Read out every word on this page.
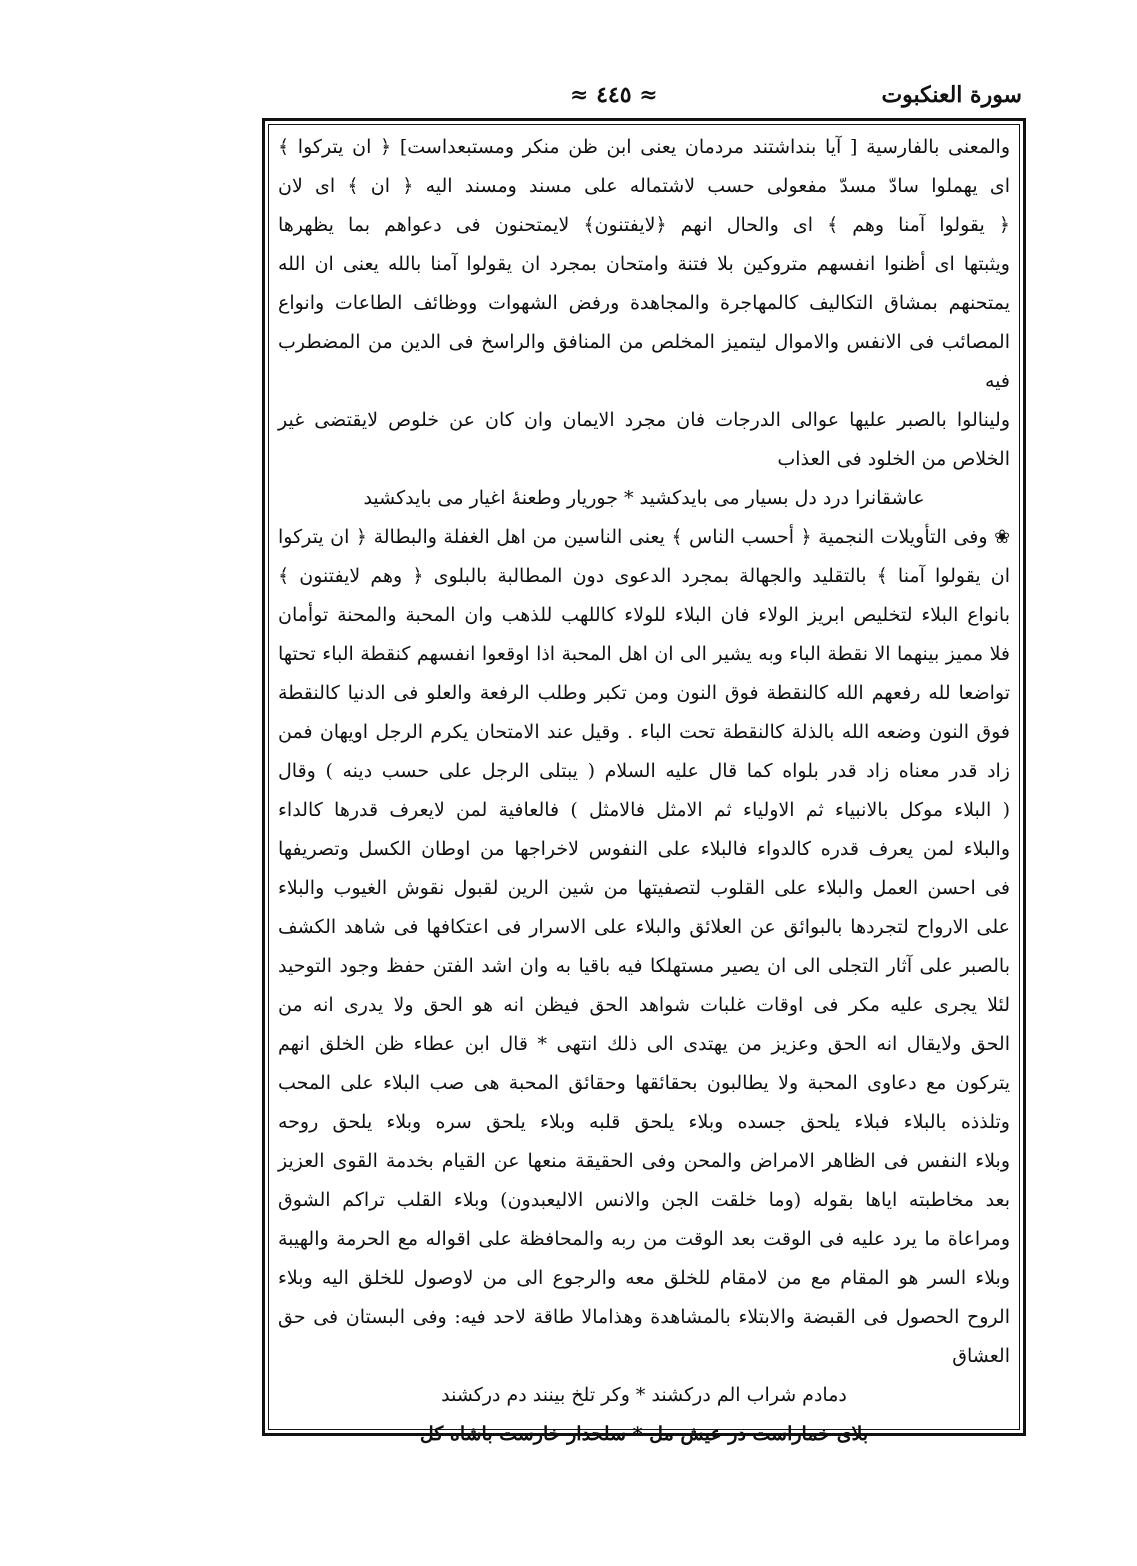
سورة العنكبوت
≈ ٤٤٥ ≈

والمعنى بالفارسية [ آيا بنداشتند مردمان يعنى ابن ظن منكر ومستبعداست] ﴿ ان يتركوا ﴾

اى يهملوا سادّ مسدّ مفعولى حسب لاشتماله على مسند ومسند اليه ﴿ ان ﴾ اى لان

﴿ يقولوا آمنا وهم ﴾ اى والحال انهم ﴿لايفتنون﴾ لايمتحنون فى دعواهم بما يظهرها

ويثبتها اى أظنوا انفسهم متروكين بلا فتنة وامتحان بمجرد ان يقولوا آمنا بالله يعنى ان الله

يمتحنهم بمشاق التكاليف كالمهاجرة والمجاهدة ورفض الشهوات ووظائف الطاعات وانواع

المصائب فى الانفس والاموال ليتميز المخلص من المنافق والراسخ فى الدين من المضطرب فيه

ولينالوا بالصبر عليها عوالى الدرجات فان مجرد الايمان وان كان عن خلوص لايقتضى غير

الخلاص من الخلود فى العذاب

عاشقانرا درد دل بسيار مى بايدكشيد * جوريار وطعنهٔ اغيار مى بايدكشيد

❀ وفى التأويلات النجمية ﴿ أحسب الناس ﴾ يعنى الناسين من اهل الغفلة والبطالة ﴿ ان يتركوا

ان يقولوا آمنا ﴾ بالتقليد والجهالة بمجرد الدعوى دون المطالبة بالبلوى ﴿ وهم لايفتنون ﴾

بانواع البلاء لتخليص ابريز الولاء فان البلاء للولاء كاللهب للذهب وان المحبة والمحنة توأمان

فلا مميز بينهما الا نقطة الباء وبه يشير الى ان اهل المحبة اذا اوقعوا انفسهم كنقطة الباء تحتها

تواضعا لله رفعهم الله كالنقطة فوق النون ومن تكبر وطلب الرفعة والعلو فى الدنيا كالنقطة

فوق النون وضعه الله بالذلة كالنقطة تحت الباء . وقيل عند الامتحان يكرم الرجل اويهان فمن

زاد قدر معناه زاد قدر بلواه كما قال عليه السلام ( يبتلى الرجل على حسب دينه ) وقال

( البلاء موكل بالانبياء ثم الاولياء ثم الامثل فالامثل ) فالعافية لمن لايعرف قدرها كالداء

والبلاء لمن يعرف قدره كالدواء فالبلاء على النفوس لاخراجها من اوطان الكسل وتصريفها

فى احسن العمل والبلاء على القلوب لتصفيتها من شين الرين لقبول نقوش الغيوب والبلاء

على الارواح لتجردها بالبوائق عن العلائق والبلاء على الاسرار فى اعتكافها فى شاهد الكشف

بالصبر على آثار التجلى الى ان يصير مستهلكا فيه باقيا به وان اشد الفتن حفظ وجود التوحيد

لئلا يجرى عليه مكر فى اوقات غلبات شواهد الحق فيظن انه هو الحق ولا يدرى انه من

الحق ولايقال انه الحق وعزيز من يهتدى الى ذلك انتهى * قال ابن عطاء ظن الخلق انهم

يتركون مع دعاوى المحبة ولا يطالبون بحقائقها وحقائق المحبة هى صب البلاء على المحب

وتلذذه بالبلاء فبلاء يلحق جسده وبلاء يلحق قلبه وبلاء يلحق سره وبلاء يلحق روحه

وبلاء النفس فى الظاهر الامراض والمحن وفى الحقيقة منعها عن القيام بخدمة القوى العزيز

بعد مخاطبته اياها بقوله (وما خلقت الجن والانس الاليعبدون) وبلاء القلب تراكم الشوق

ومراعاة ما يرد عليه فى الوقت بعد الوقت من ربه والمحافظة على اقواله مع الحرمة والهيبة

وبلاء السر هو المقام مع من لامقام للخلق معه والرجوع الى من لاوصول للخلق اليه وبلاء

الروح الحصول فى القبضة والابتلاء بالمشاهدة وهذامالا طاقة لاحد فيه: وفى البستان فى حق العشاق

دمادم شراب الم دركشند * وكر تلخ بينند دم دركشند
بلاى خماراست در عيش مل * سلحدار خارست باشاه كل
